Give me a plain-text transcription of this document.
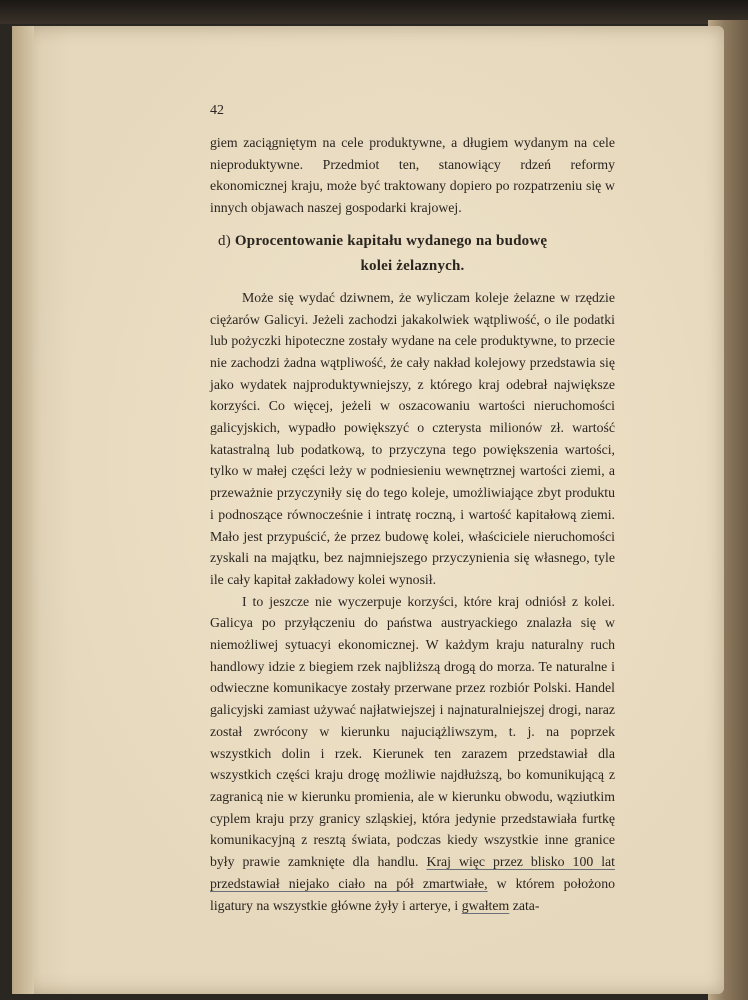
42

giem zaciągniętym na cele produktywne, a długiem wydanym na cele nieproduktywne. Przedmiot ten, stanowiący rdzeń reformy ekonomicznej kraju, może być traktowany dopiero po rozpatrzeniu się w innych objawach naszej gospodarki krajowej.

d) Oprocentowanie kapitału wydanego na budowę
kolei żelaznych.

Może się wydać dziwnem, że wyliczam koleje żelazne w rzędzie ciężarów Galicyi. Jeżeli zachodzi jakakolwiek wątpliwość, o ile podatki lub pożyczki hipoteczne zostały wydane na cele produktywne, to przecie nie zachodzi żadna wątpliwość, że cały nakład kolejowy przedstawia się jako wydatek najproduktywniejszy, z którego kraj odebrał największe korzyści. Co więcej, jeżeli w oszacowaniu wartości nieruchomości galicyjskich, wypadło powiększyć o czterysta milionów zł. wartość katastralną lub podatkową, to przyczyna tego powiększenia wartości, tylko w małej części leży w podniesieniu wewnętrznej wartości ziemi, a przeważnie przyczyniły się do tego koleje, umożliwiające zbyt produktu i podnoszące równocześnie i intratę roczną, i wartość kapitałową ziemi. Mało jest przypuścić, że przez budowę kolei, właściciele nieruchomości zyskali na majątku, bez najmniejszego przyczynienia się własnego, tyle ile cały kapitał zakładowy kolei wynosił.

I to jeszcze nie wyczerpuje korzyści, które kraj odniósł z kolei. Galicya po przyłączeniu do państwa austryackiego znalazła się w niemożliwej sytuacyi ekonomicznej. W każdym kraju naturalny ruch handlowy idzie z biegiem rzek najbliższą drogą do morza. Te naturalne i odwieczne komunikacye zostały przerwane przez rozbiór Polski. Handel galicyjski zamiast używać najłatwiejszej i najnaturalniejszej drogi, naraz został zwrócony w kierunku najuciążliwszym, t. j. na poprzek wszystkich dolin i rzek. Kierunek ten zarazem przedstawiał dla wszystkich części kraju drogę możliwie najdłuższą, bo komunikującą z zagranicą nie w kierunku promienia, ale w kierunku obwodu, wąziutkim cyplem kraju przy granicy szląskiej, która jedynie przedstawiała furtkę komunikacyjną z resztą świata, podczas kiedy wszystkie inne granice były prawie zamknięte dla handlu. Kraj więc przez blisko 100 lat przedstawiał niejako ciało na pół zmartwiałe, w którem położono ligatury na wszystkie główne żyły i arterye, i gwałtem zata-
